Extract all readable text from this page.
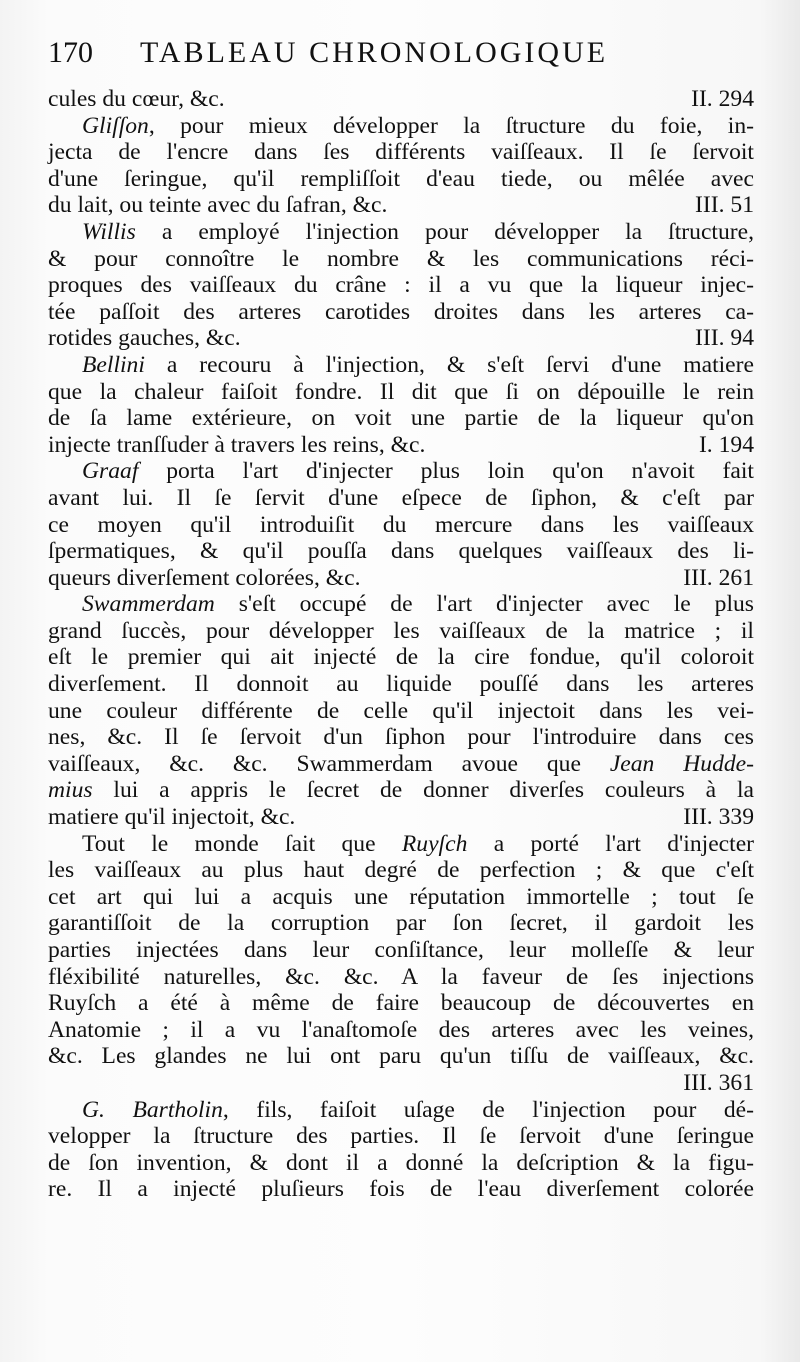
170	TABLEAU CHRONOLOGIQUE
cules du cœur, &c.	II. 294
Gliſſon, pour mieux développer la ſtructure du foie, in-
jecta de l'encre dans ſes différents vaiſſeaux. Il ſe ſervoit
d'une ſeringue, qu'il rempliſſoit d'eau tiede, ou mêlée avec
du lait, ou teinte avec du ſafran, &c.	III. 51
Willis a employé l'injection pour développer la ſtructure,
& pour connoître le nombre & les communications réci-
proques des vaiſſeaux du crâne : il a vu que la liqueur injec-
tée paſſoit des arteres carotides droites dans les arteres ca-
rotides gauches, &c.	III. 94
Bellini a recouru à l'injection, & s'eſt ſervi d'une matiere
que la chaleur faiſoit fondre. Il dit que ſi on dépouille le rein
de ſa lame extérieure, on voit une partie de la liqueur qu'on
injecte tranſſuder à travers les reins, &c.	I. 194
Graaf porta l'art d'injecter plus loin qu'on n'avoit fait
avant lui. Il ſe ſervit d'une eſpece de ſiphon, & c'eſt par
ce moyen qu'il introduiſit du mercure dans les vaiſſeaux
ſpermatiques, & qu'il pouſſa dans quelques vaiſſeaux des li-
queurs diverſement colorées, &c.	III. 261
Swammerdam s'eſt occupé de l'art d'injecter avec le plus
grand ſuccès, pour développer les vaiſſeaux de la matrice ; il
eſt le premier qui ait injecté de la cire fondue, qu'il coloroit
diverſement. Il donnoit au liquide pouſſé dans les arteres
une couleur différente de celle qu'il injectoit dans les vei-
nes, &c. Il ſe ſervoit d'un ſiphon pour l'introduire dans ces
vaiſſeaux, &c. &c. Swammerdam avoue que Jean Hudde-
mius lui a appris le ſecret de donner diverſes couleurs à la
matiere qu'il injectoit, &c.	III. 339
Tout le monde ſait que Ruyſch a porté l'art d'injecter
les vaiſſeaux au plus haut degré de perfection ; & que c'eſt
cet art qui lui a acquis une réputation immortelle ; tout ſe
garantiſſoit de la corruption par ſon ſecret, il gardoit les
parties injectées dans leur conſiſtance, leur molleſſe & leur
fléxibilité naturelles, &c. &c. A la faveur de ſes injections
Ruyſch a été à même de faire beaucoup de découvertes en
Anatomie ; il a vu l'anaſtomoſe des arteres avec les veines,
&c. Les glandes ne lui ont paru qu'un tiſſu de vaiſſeaux, &c.
III. 361
G. Bartholin, fils, faiſoit uſage de l'injection pour dé-
velopper la ſtructure des parties. Il ſe ſervoit d'une ſeringue
de ſon invention, & dont il a donné la deſcription & la figu-
re. Il a injecté pluſieurs fois de l'eau diverſement colorée
